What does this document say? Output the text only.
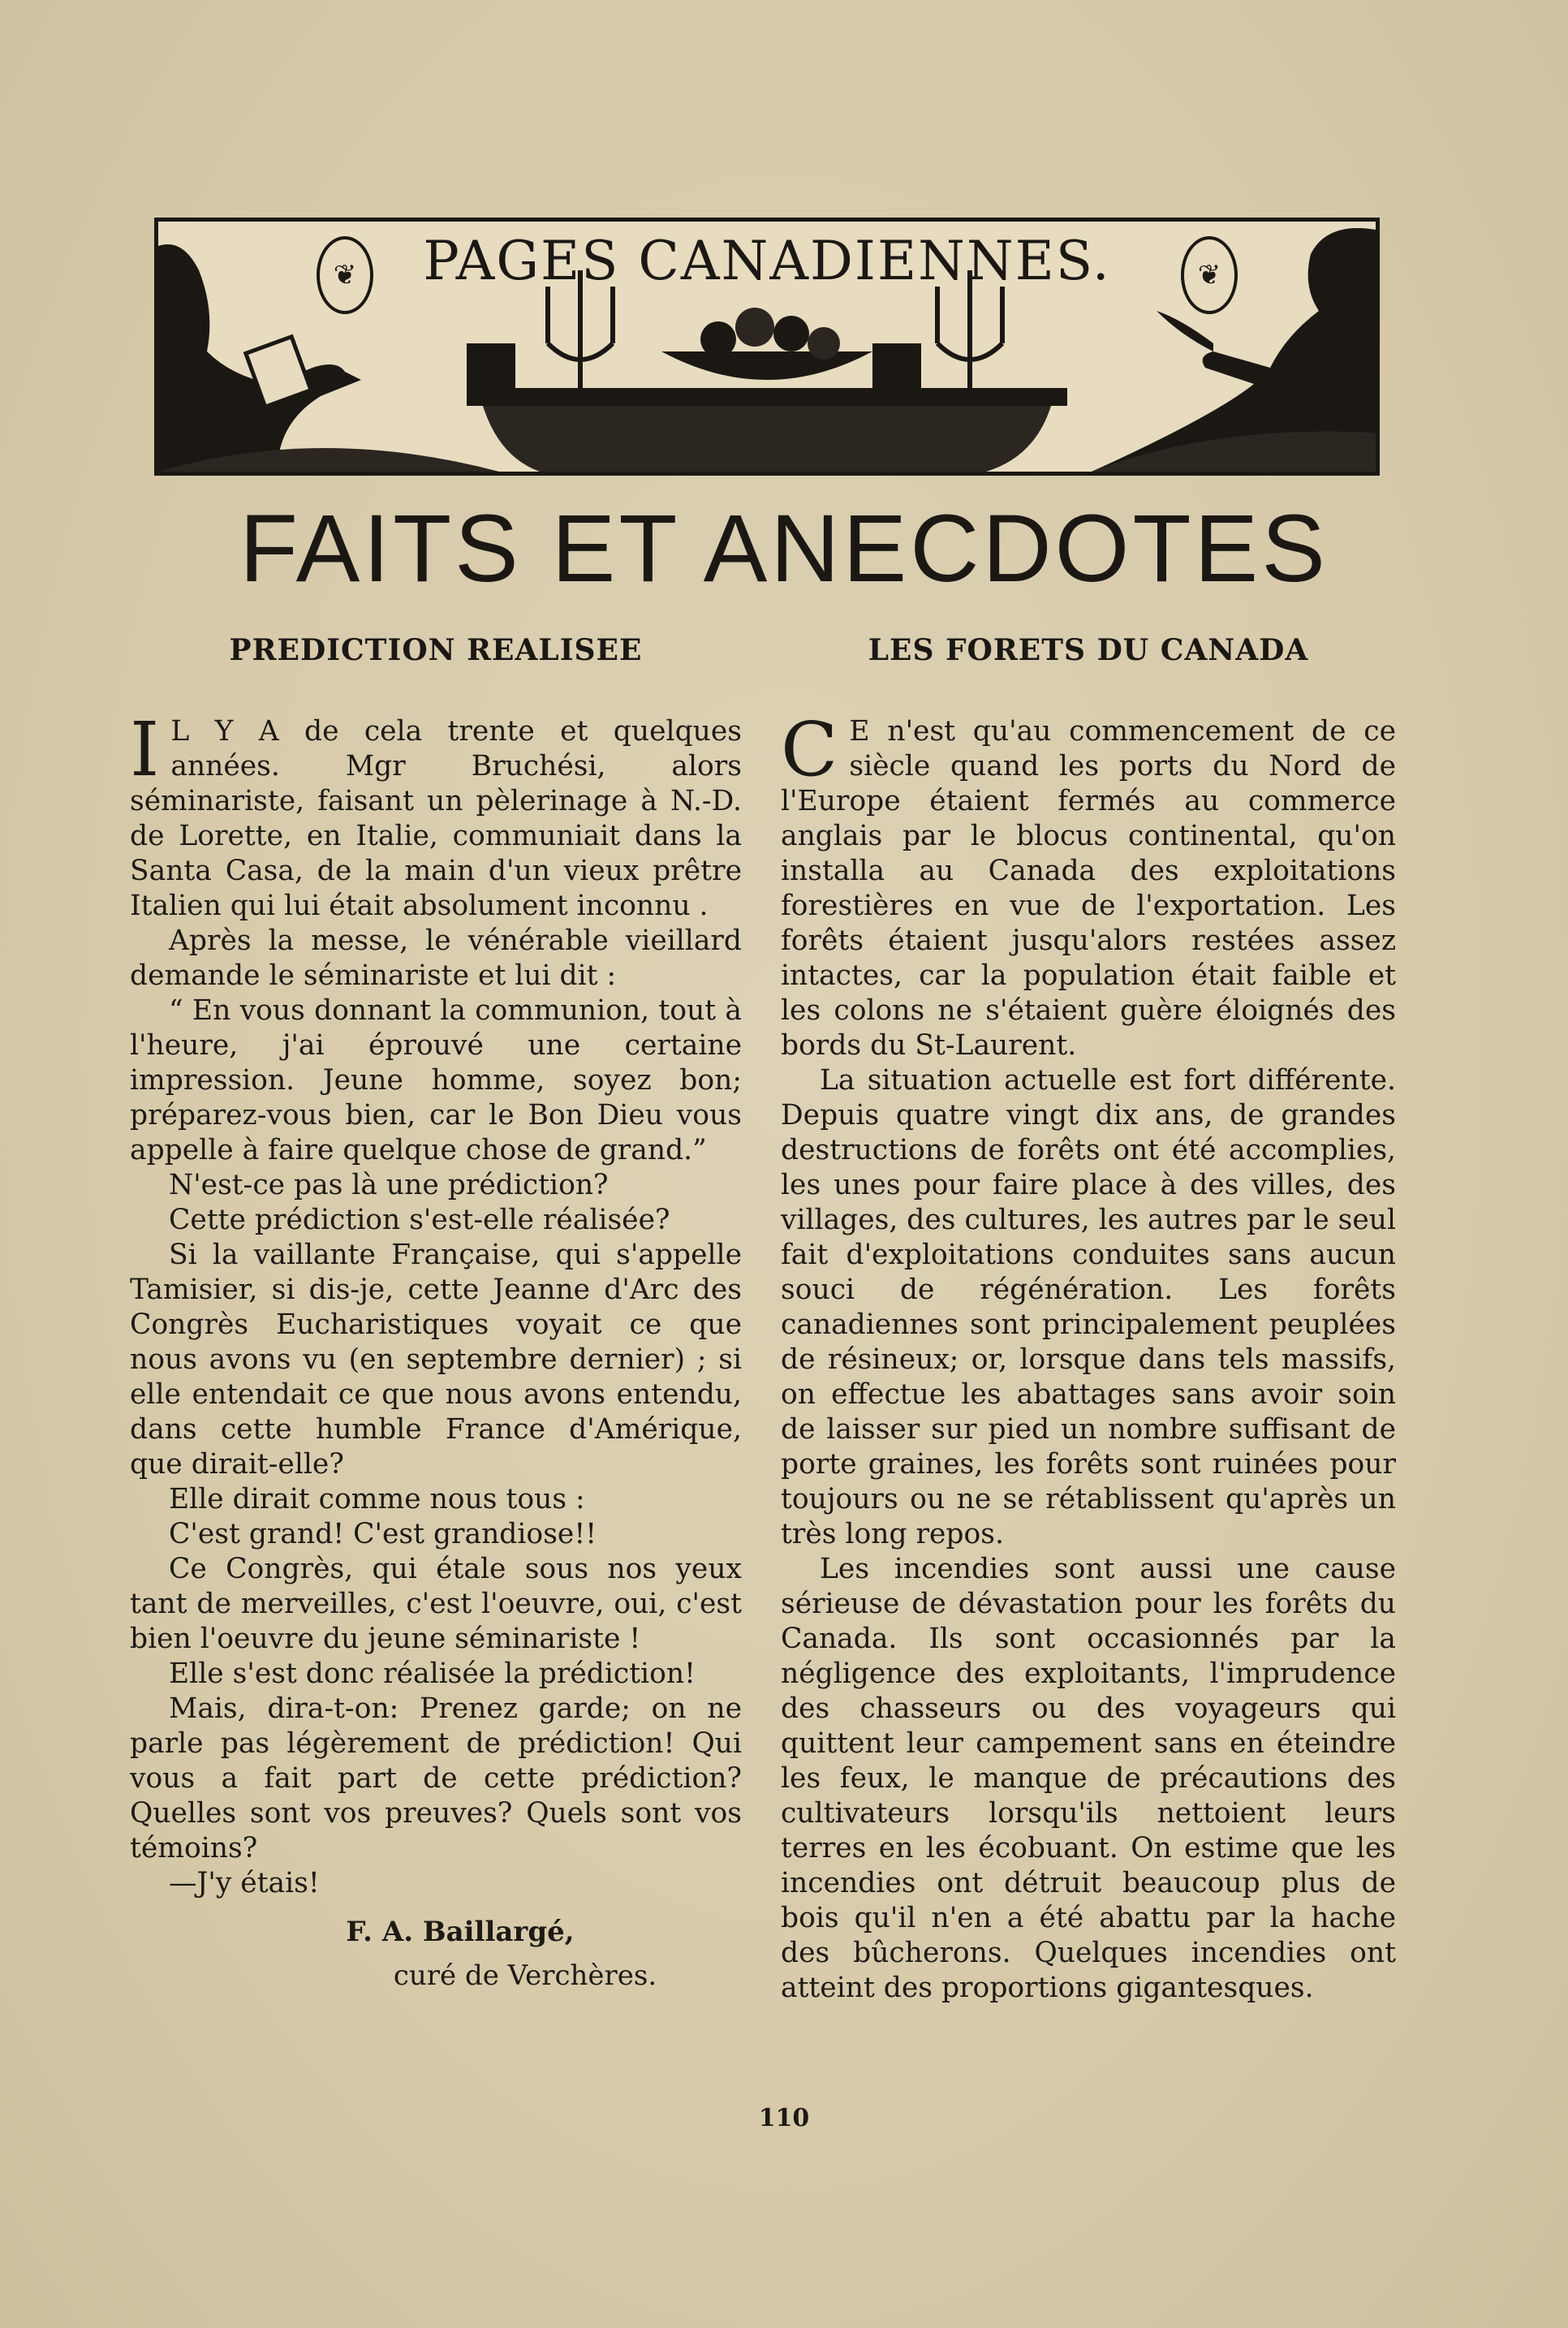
❦	❦
PAGES CANADIENNES.
FAITS ET ANECDOTES
PREDICTION REALISEE

I L Y A de cela trente et quelques années. Mgr Bruchési, alors séminariste, faisant un pèlerinage à N.-D. de Lorette, en Italie, communiait dans la Santa Casa, de la main d'un vieux prêtre Italien qui lui était absolument inconnu .

Après la messe, le vénérable vieillard demande le séminariste et lui dit :

“ En vous donnant la communion, tout à l'heure, j'ai éprouvé une certaine impression. Jeune homme, soyez bon; préparez-vous bien, car le Bon Dieu vous appelle à faire quelque chose de grand.”

N'est-ce pas là une prédiction?

Cette prédiction s'est-elle réalisée?

Si la vaillante Française, qui s'appelle Tamisier, si dis-je, cette Jeanne d'Arc des Congrès Eucharistiques voyait ce que nous avons vu (en septembre dernier) ; si elle entendait ce que nous avons entendu, dans cette humble France d'Amérique, que dirait-elle?

Elle dirait comme nous tous :

C'est grand! C'est grandiose!!

Ce Congrès, qui étale sous nos yeux tant de merveilles, c'est l'oeuvre, oui, c'est bien l'oeuvre du jeune séminariste !

Elle s'est donc réalisée la prédiction!

Mais, dira-t-on: Prenez garde; on ne parle pas légèrement de prédiction! Qui vous a fait part de cette prédiction? Quelles sont vos preuves? Quels sont vos témoins?

—J'y étais!

F. A. Baillargé,
curé de Verchères.
LES FORETS DU CANADA

C E n'est qu'au commencement de ce siècle quand les ports du Nord de l'Europe étaient fermés au commerce anglais par le blocus continental, qu'on installa au Canada des exploitations forestières en vue de l'exportation. Les forêts étaient jusqu'alors restées assez intactes, car la population était faible et les colons ne s'étaient guère éloignés des bords du St-Laurent.

La situation actuelle est fort différente. Depuis quatre vingt dix ans, de grandes destructions de forêts ont été accomplies, les unes pour faire place à des villes, des villages, des cultures, les autres par le seul fait d'exploitations conduites sans aucun souci de régénération. Les forêts canadiennes sont principalement peuplées de résineux; or, lorsque dans tels massifs, on effectue les abattages sans avoir soin de laisser sur pied un nombre suffisant de porte graines, les forêts sont ruinées pour toujours ou ne se rétablissent qu'après un très long repos.

Les incendies sont aussi une cause sérieuse de dévastation pour les forêts du Canada. Ils sont occasionnés par la négligence des exploitants, l'imprudence des chasseurs ou des voyageurs qui quittent leur campement sans en éteindre les feux, le manque de précautions des cultivateurs lorsqu'ils nettoient leurs terres en les écobuant. On estime que les incendies ont détruit beaucoup plus de bois qu'il n'en a été abattu par la hache des bûcherons. Quelques incendies ont atteint des proportions gigantesques.

110
